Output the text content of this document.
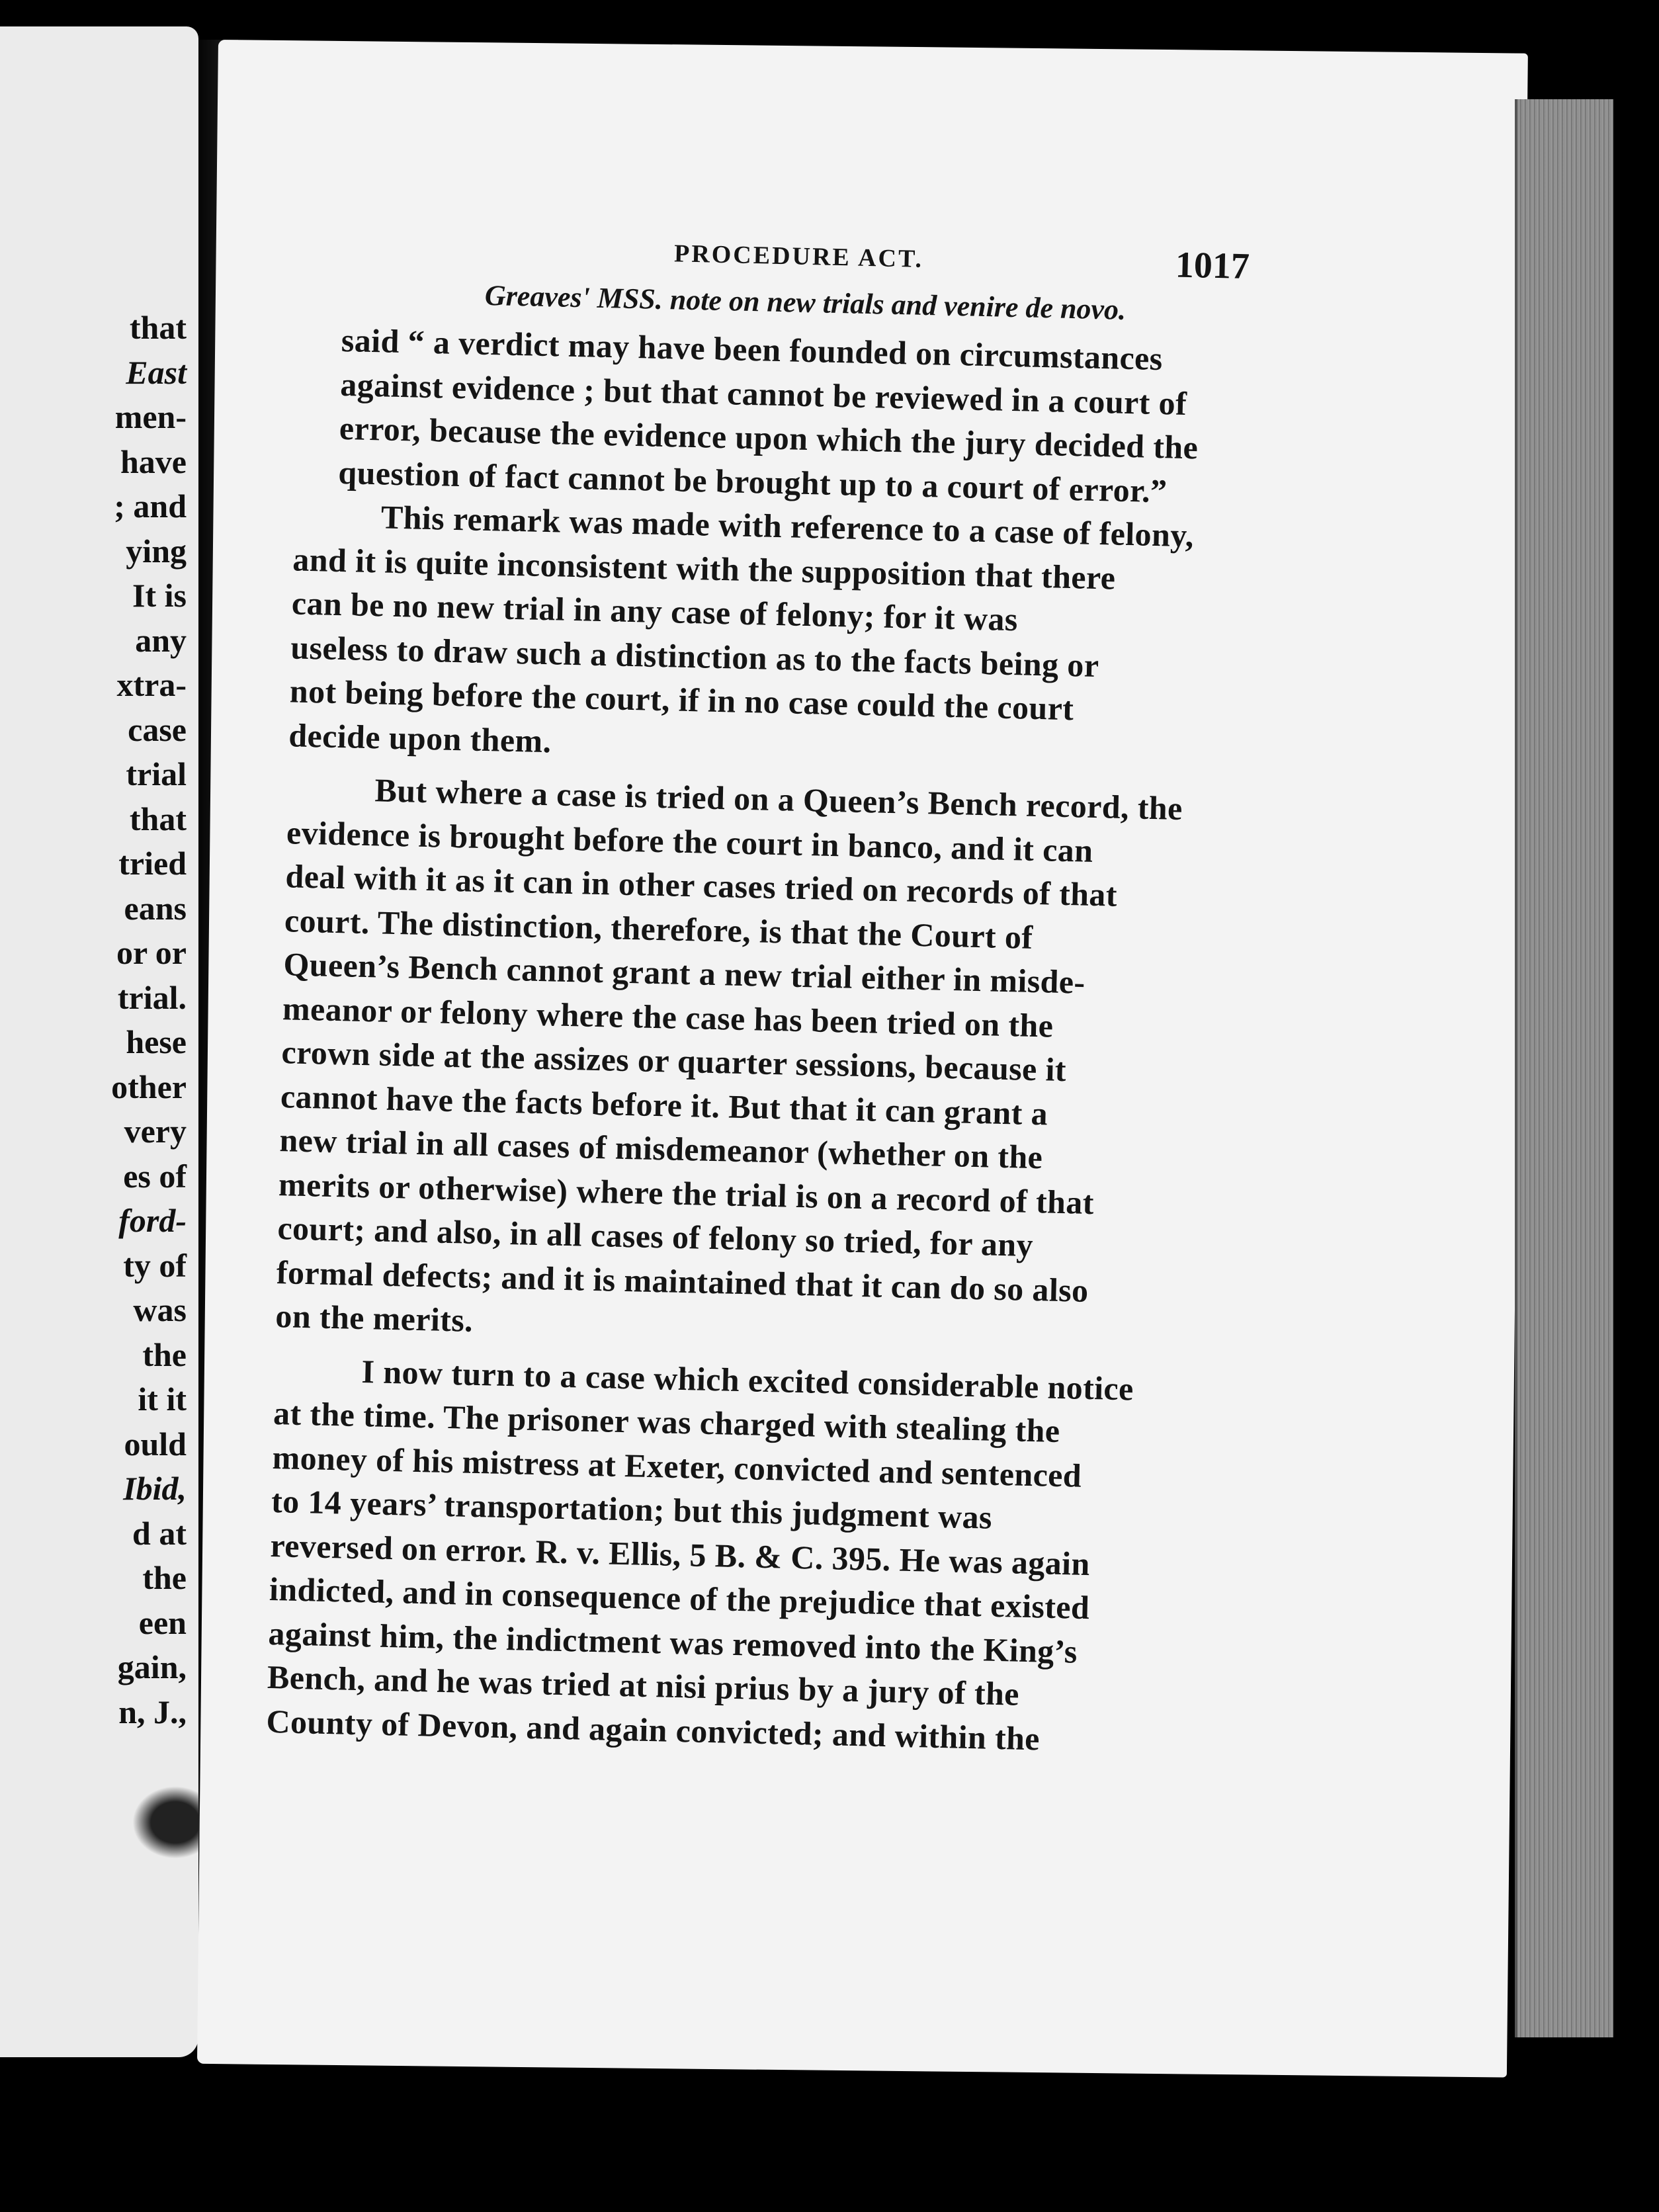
that
East
men-
have
; and
ying
It is
any
xtra-
case
trial
that
tried
eans
or or
trial.
hese
other
very
es of
ford-
ty of
was
the
it it
ould
Ibid,
d at
the
een
gain,
n, J.,
PROCEDURE ACT.	1017
Greaves' MSS. note on new trials and venire de novo.

said “ a verdict may have been founded on circumstances
against evidence ; but that cannot be reviewed in a court of
error, because the evidence upon which the jury decided the
question of fact cannot be brought up to a court of error.”

This remark was made with reference to a case of felony,
and it is quite inconsistent with the supposition that there
can be no new trial in any case of felony; for it was
useless to draw such a distinction as to the facts being or
not being before the court, if in no case could the court
decide upon them.

But where a case is tried on a Queen’s Bench record, the
evidence is brought before the court in banco, and it can
deal with it as it can in other cases tried on records of that
court. The distinction, therefore, is that the Court of
Queen’s Bench cannot grant a new trial either in misde-
meanor or felony where the case has been tried on the
crown side at the assizes or quarter sessions, because it
cannot have the facts before it. But that it can grant a
new trial in all cases of misdemeanor (whether on the
merits or otherwise) where the trial is on a record of that
court; and also, in all cases of felony so tried, for any
formal defects; and it is maintained that it can do so also
on the merits.

I now turn to a case which excited considerable notice
at the time. The prisoner was charged with stealing the
money of his mistress at Exeter, convicted and sentenced
to 14 years’ transportation; but this judgment was
reversed on error. R. v. Ellis, 5 B. & C. 395. He was again
indicted, and in consequence of the prejudice that existed
against him, the indictment was removed into the King’s
Bench, and he was tried at nisi prius by a jury of the
County of Devon, and again convicted; and within the
